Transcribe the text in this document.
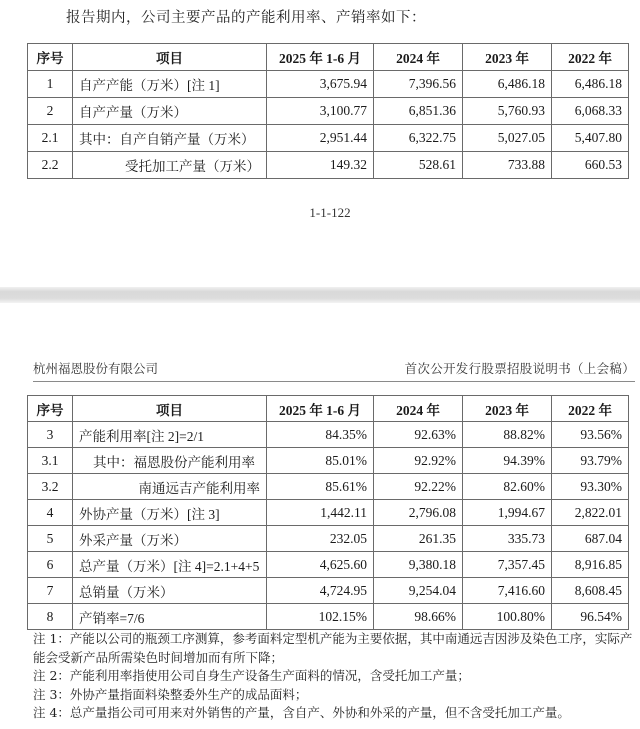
报告期内，公司主要产品的产能利用率、产销率如下：
序号	项目	2025 年 1-6 月	2024 年	2023 年	2022 年
1	自产产能（万米）[注 1]	3,675.94	7,396.56	6,486.18	6,486.18
2	自产产量（万米）	3,100.77	6,851.36	5,760.93	6,068.33
2.1	其中：自产自销产量（万米）	2,951.44	6,322.75	5,027.05	5,407.80
2.2	受托加工产量（万米）	149.32	528.61	733.88	660.53
1-1-122
杭州福恩股份有限公司	首次公开发行股票招股说明书（上会稿）
序号	项目	2025 年 1-6 月	2024 年	2023 年	2022 年
3	产能利用率[注 2]=2/1	84.35%	92.63%	88.82%	93.56%
3.1	其中：福恩股份产能利用率	85.01%	92.92%	94.39%	93.79%
3.2	南通远吉产能利用率	85.61%	92.22%	82.60%	93.30%
4	外协产量（万米）[注 3]	1,442.11	2,796.08	1,994.67	2,822.01
5	外采产量（万米）	232.05	261.35	335.73	687.04
6	总产量（万米）[注 4]=2.1+4+5	4,625.60	9,380.18	7,357.45	8,916.85
7	总销量（万米）	4,724.95	9,254.04	7,416.60	8,608.45
8	产销率=7/6	102.15%	98.66%	100.80%	96.54%

注 1：产能以公司的瓶颈工序测算，参考面料定型机产能为主要依据，其中南通远吉因涉及染色工序，实际产能会受新产品所需染色时间增加而有所下降；

注 2：产能利用率指使用公司自身生产设备生产面料的情况，含受托加工产量；

注 3：外协产量指面料染整委外生产的成品面料；

注 4：总产量指公司可用来对外销售的产量，含自产、外协和外采的产量，但不含受托加工产量。
